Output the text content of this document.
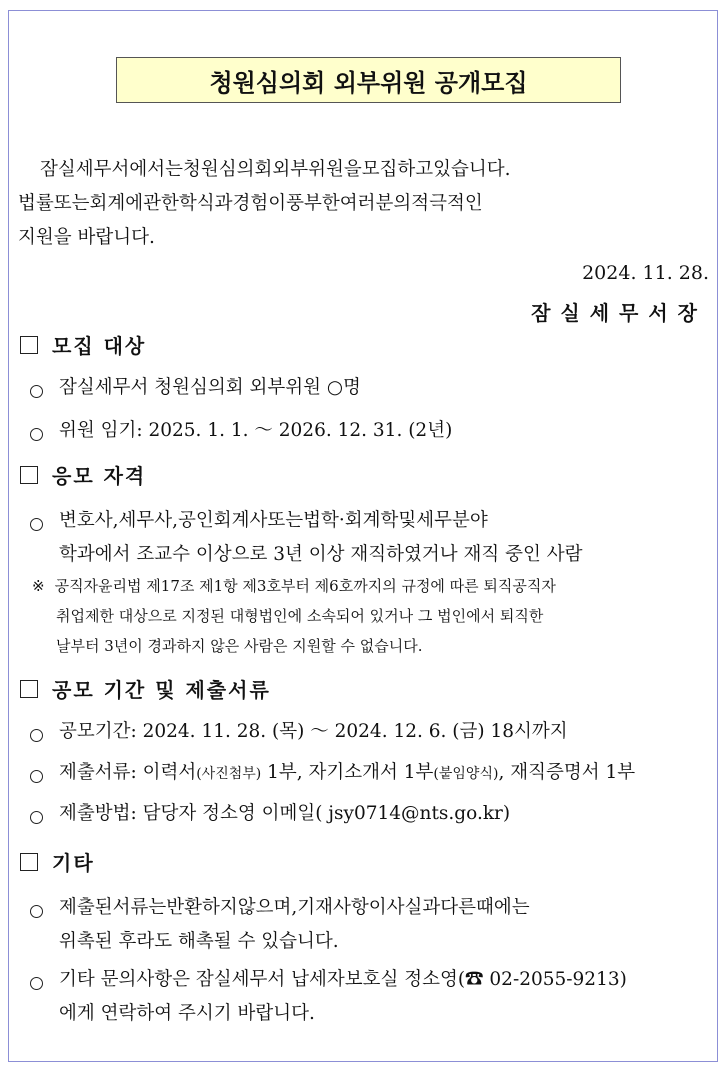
청원심의회 외부위원 공개모집
잠실세무서에서는청원심의회외부위원을모집하고있습니다.
법률또는회계에관한학식과경험이풍부한여러분의적극적인
지원을 바랍니다.
2024. 11. 28.
잠실세무서장
모집 대상
잠실세무서 청원심의회 외부위원 ○명
위원 임기: 2025. 1. 1. ～ 2026. 12. 31. (2년)
응모 자격
변호사,세무사,공인회계사또는법학·회계학및세무분야
학과에서 조교수 이상으로 3년 이상 재직하였거나 재직 중인 사람
※ 공직자윤리법 제17조 제1항 제3호부터 제6호까지의 규정에 따른 퇴직공직자
취업제한 대상으로 지정된 대형법인에 소속되어 있거나 그 법인에서 퇴직한
날부터 3년이 경과하지 않은 사람은 지원할 수 없습니다.
공모 기간 및 제출서류
공모기간: 2024. 11. 28. (목) ～ 2024. 12. 6. (금) 18시까지
제출서류: 이력서(사진첨부) 1부, 자기소개서 1부(붙임양식), 재직증명서 1부
제출방법: 담당자 정소영 이메일( jsy0714@nts.go.kr)
기타
제출된서류는반환하지않으며,기재사항이사실과다른때에는
위촉된 후라도 해촉될 수 있습니다.
기타 문의사항은 잠실세무서 납세자보호실 정소영(☎ 02-2055-9213)
에게 연락하여 주시기 바랍니다.
